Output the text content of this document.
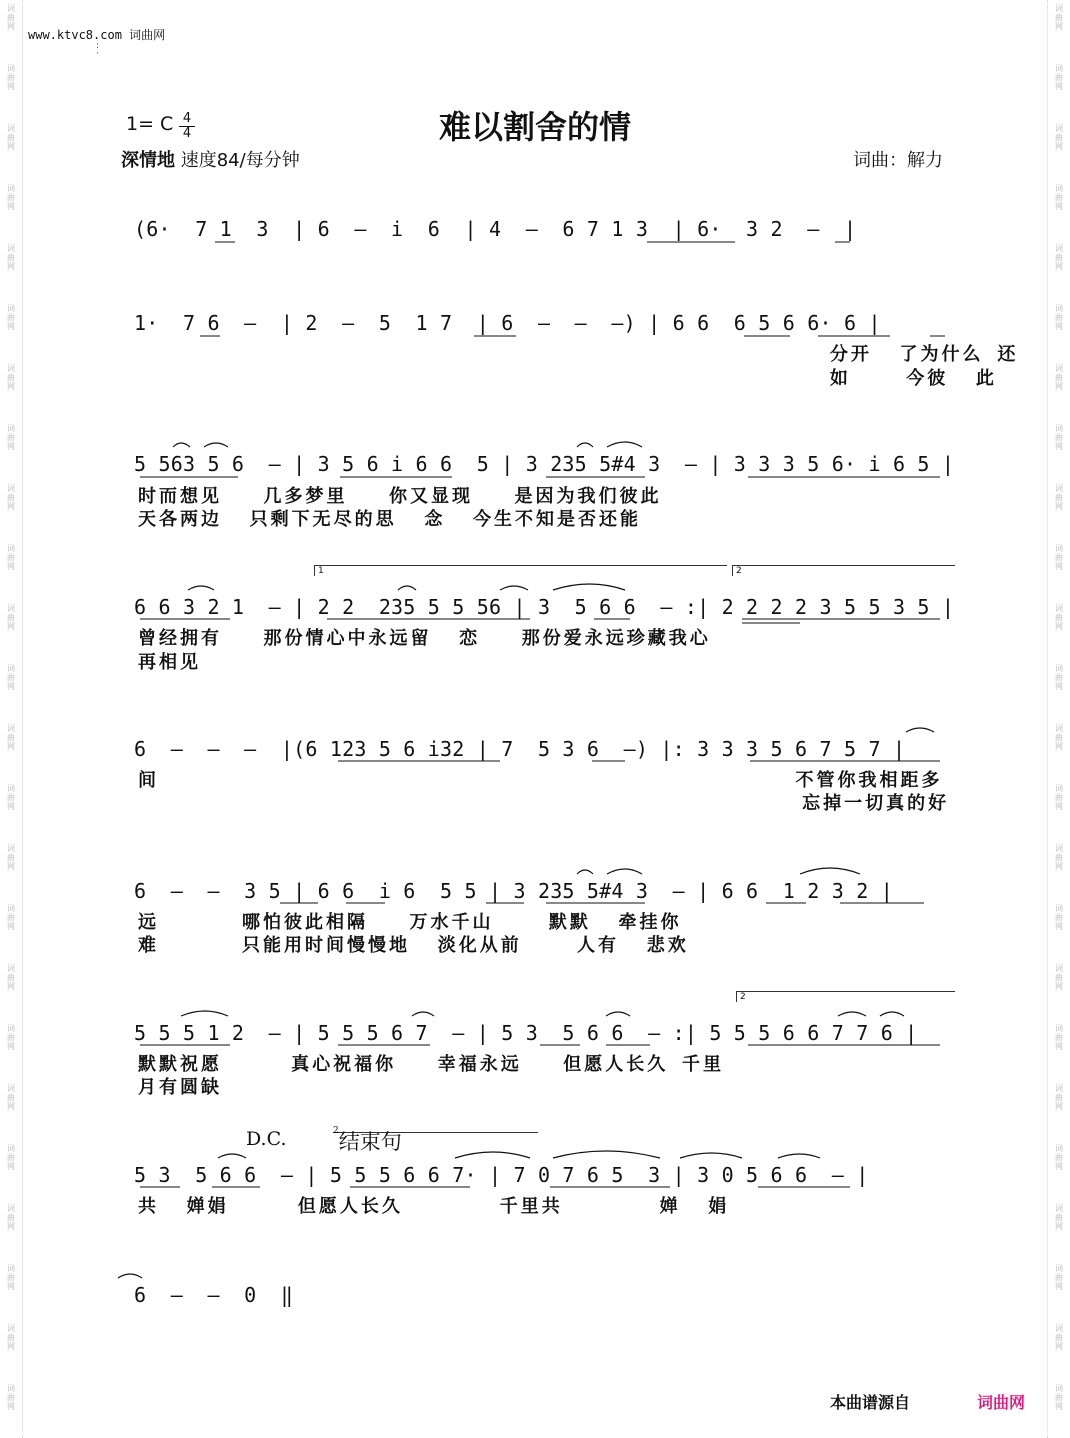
词
曲
网
词
曲
网
词
曲
网
词
曲
网
词
曲
网
词
曲
网
词
曲
网
词
曲
网
词
曲
网
词
曲
网
词
曲
网
词
曲
网
词
曲
网
词
曲
网
词
曲
网
词
曲
网
词
曲
网
词
曲
网
词
曲
网
词
曲
网
词
曲
网
词
曲
网
词
曲
网
词
曲
网
词
曲
网
词
曲
网
词
曲
网
词
曲
网
词
曲
网
词
曲
网
词
曲
网
词
曲
网
词
曲
网
词
曲
网
词
曲
网
词
曲
网
词
曲
网
词
曲
网
词
曲
网
词
曲
网
词
曲
网
词
曲
网
词
曲
网
词
曲
网
词
曲
网
词
曲
网
词
曲
网
词
曲
网
www.ktvc8.com 词曲网
:
·
1= C 4
4	难以割舍的情
深情地 速度84/每分钟	词曲：解力
(6·  7 1  3  | 6  —  i  6  | 4  —  6 7 1 3  | 6·  3 2  —  |
1·  7 6  —  | 2  —  5  1 7  | 6  —  —  —) | 6 6  6 5 6 6· 6 |
分开  了为什么 还
如    今彼  此
5 563 5 6  — | 3 5 6 i 6 6  5 | 3 235 5#4 3  — | 3 3 3 5 6· i 6 5 |
时而想见   几多梦里   你又显现   是因为我们彼此
天各两边  只剩下无尽的思  念  今生不知是否还能
1	2
6 6 3 2 1  — | 2 2  235 5 5 56 | 3  5 6 6  — :| 2 2 2 2 3 5 5 3 5 |
曾经拥有   那份情心中永远留  恋   那份爱永远珍藏我心
再相见
6  —  —  —  |(6 123 5 6 i32 | 7  5 3 6  —) |: 3 3 3 5 6 7 5 7 |
间                                              不管你我相距多
忘掉一切真的好
6  —  —  3 5 | 6 6  i 6  5 5 | 3 235 5#4 3  — | 6 6  1 2 3 2 |
远      哪怕彼此相隔   万水千山    默默  牵挂你
难      只能用时间慢慢地  淡化从前    人有  悲欢
2
5 5 5 1 2  — | 5 5 5 6 7  — | 5 3  5 6 6  — :| 5 5 5 6 6 7 7 6 |
默默祝愿     真心祝福你   幸福永远   但愿人长久 千里
月有圆缺
D.C.	$^2$结束句
5 3  5 6 6  — | 5 5 5 6 6 7· | 7 0 7 6 5  3 | 3 0 5 6 6  — |
共  婵娟     但愿人长久       千里共       婵  娟
6  —  —  0  ‖
本曲谱源自	词曲网
